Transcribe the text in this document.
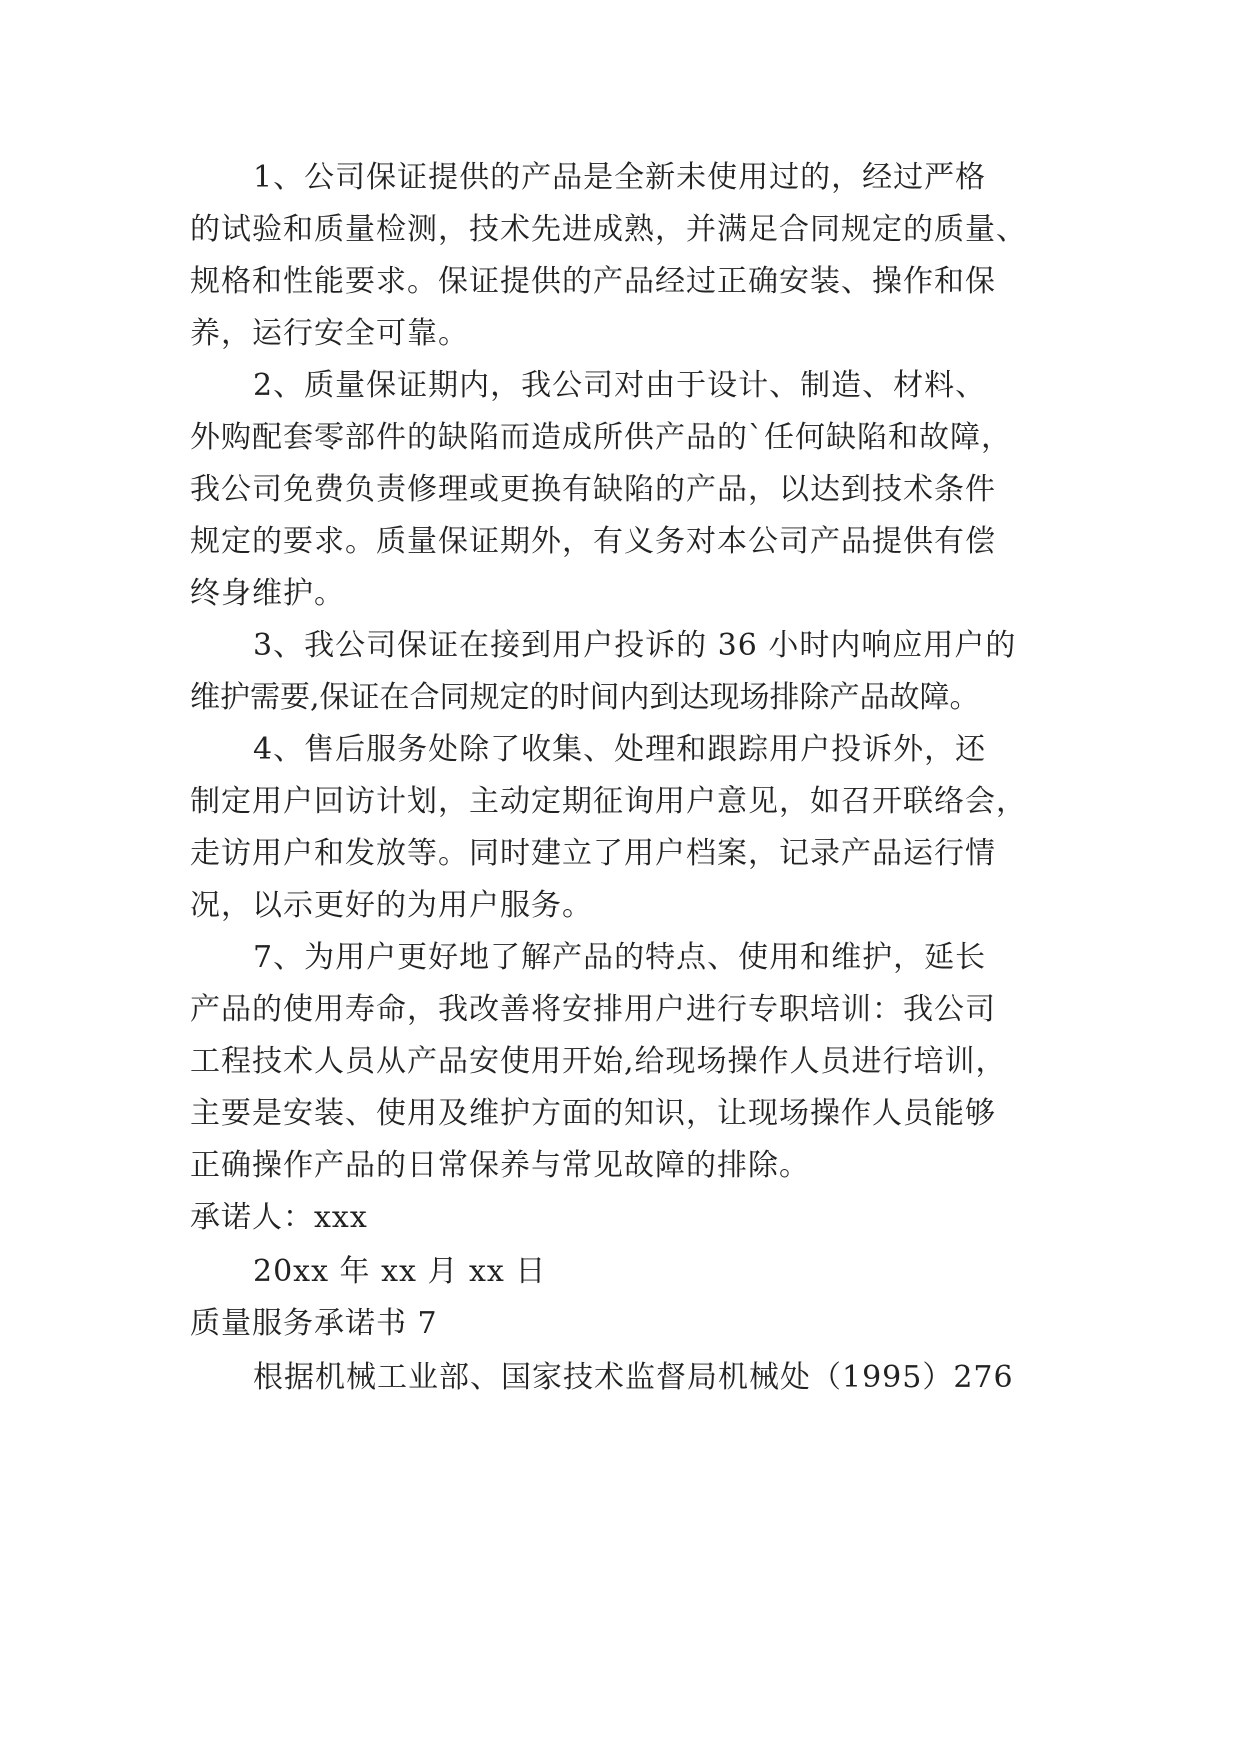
1、公司保证提供的产品是全新未使用过的，经过严格
的试验和质量检测，技术先进成熟，并满足合同规定的质量、
规格和性能要求。保证提供的产品经过正确安装、操作和保
养，运行安全可靠。
2、质量保证期内，我公司对由于设计、制造、材料、
外购配套零部件的缺陷而造成所供产品的`任何缺陷和故障，
我公司免费负责修理或更换有缺陷的产品，以达到技术条件
规定的要求。质量保证期外，有义务对本公司产品提供有偿
终身维护。
3、我公司保证在接到用户投诉的 36 小时内响应用户的
维护需要,保证在合同规定的时间内到达现场排除产品故障。
4、售后服务处除了收集、处理和跟踪用户投诉外，还
制定用户回访计划，主动定期征询用户意见，如召开联络会，
走访用户和发放等。同时建立了用户档案，记录产品运行情
况，以示更好的为用户服务。
7、为用户更好地了解产品的特点、使用和维护，延长
产品的使用寿命，我改善将安排用户进行专职培训：我公司
工程技术人员从产品安使用开始,给现场操作人员进行培训，
主要是安装、使用及维护方面的知识，让现场操作人员能够
正确操作产品的日常保养与常见故障的排除。
承诺人：xxx
20xx 年 xx 月 xx 日
质量服务承诺书 7
根据机械工业部、国家技术监督局机械处（1995）276
